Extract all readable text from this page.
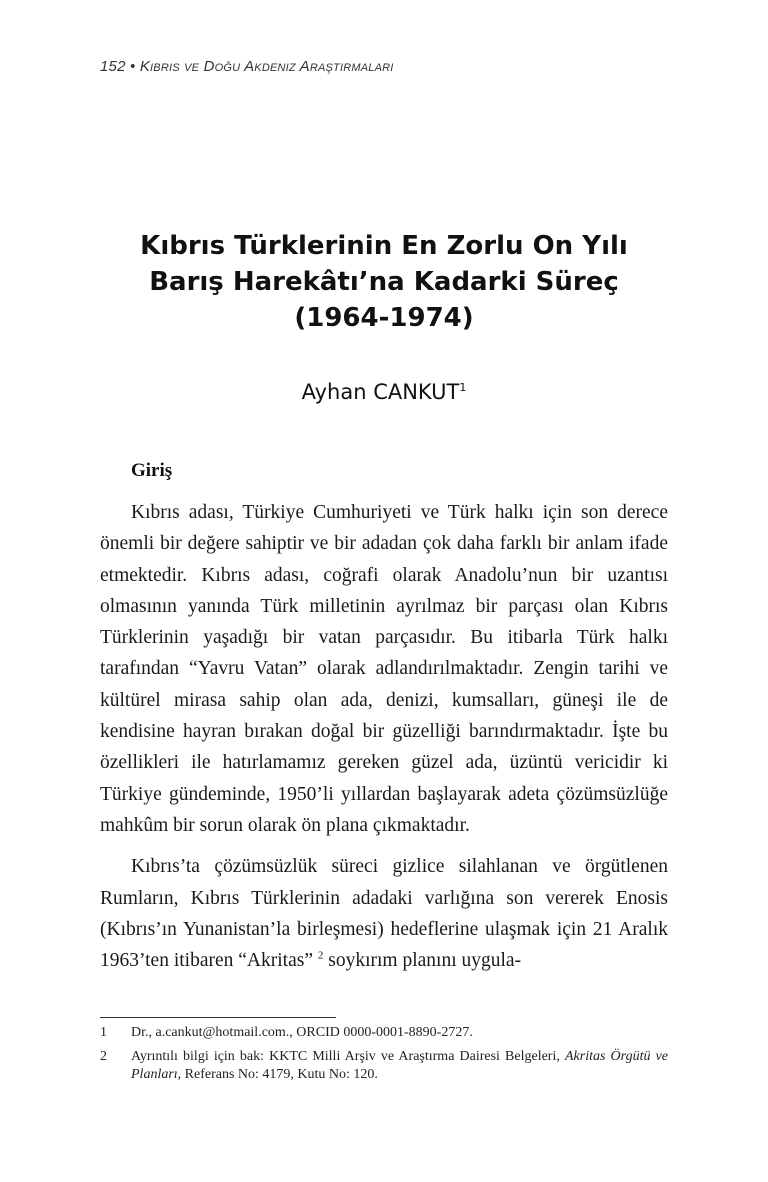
152 • Kıbrıs ve Doğu Akdeniz Araştırmaları
Kıbrıs Türklerinin En Zorlu On Yılı
Barış Harekâtı’na Kadarki Süreç
(1964-1974)
Ayhan CANKUT$^1$
Giriş

Kıbrıs adası, Türkiye Cumhuriyeti ve Türk halkı için son derece önemli bir değere sahiptir ve bir adadan çok daha farklı bir anlam ifade etmektedir. Kıbrıs adası, coğrafi olarak Anadolu’nun bir uzantısı olmasının yanında Türk milletinin ayrılmaz bir parçası olan Kıbrıs Türklerinin yaşadığı bir vatan parçasıdır. Bu itibarla Türk halkı tarafından “Yavru Vatan” olarak adlandırılmaktadır. Zengin tarihi ve kültürel mirasa sahip olan ada, denizi, kumsalları, güneşi ile de kendisine hayran bırakan doğal bir güzelliği barındırmaktadır. İşte bu özellikleri ile hatırlamamız gereken güzel ada, üzüntü vericidir ki Türkiye gündeminde, 1950’li yıllardan başlayarak adeta çözümsüzlüğe mahkûm bir sorun olarak ön plana çıkmaktadır.

Kıbrıs’ta çözümsüzlük süreci gizlice silahlanan ve örgütlenen Rumların, Kıbrıs Türklerinin adadaki varlığına son vererek Enosis (Kıbrıs’ın Yunanistan’la birleşmesi) hedeflerine ulaşmak için 21 Aralık 1963’ten itibaren “Akritas” $^2$ soykırım planını uygula-

1	Dr., a.cankut@hotmail.com., ORCID 0000-0001-8890-2727.
2	Ayrıntılı bilgi için bak: KKTC Milli Arşiv ve Araştırma Dairesi Belgeleri, Akritas Örgütü ve Planları, Referans No: 4179, Kutu No: 120.
